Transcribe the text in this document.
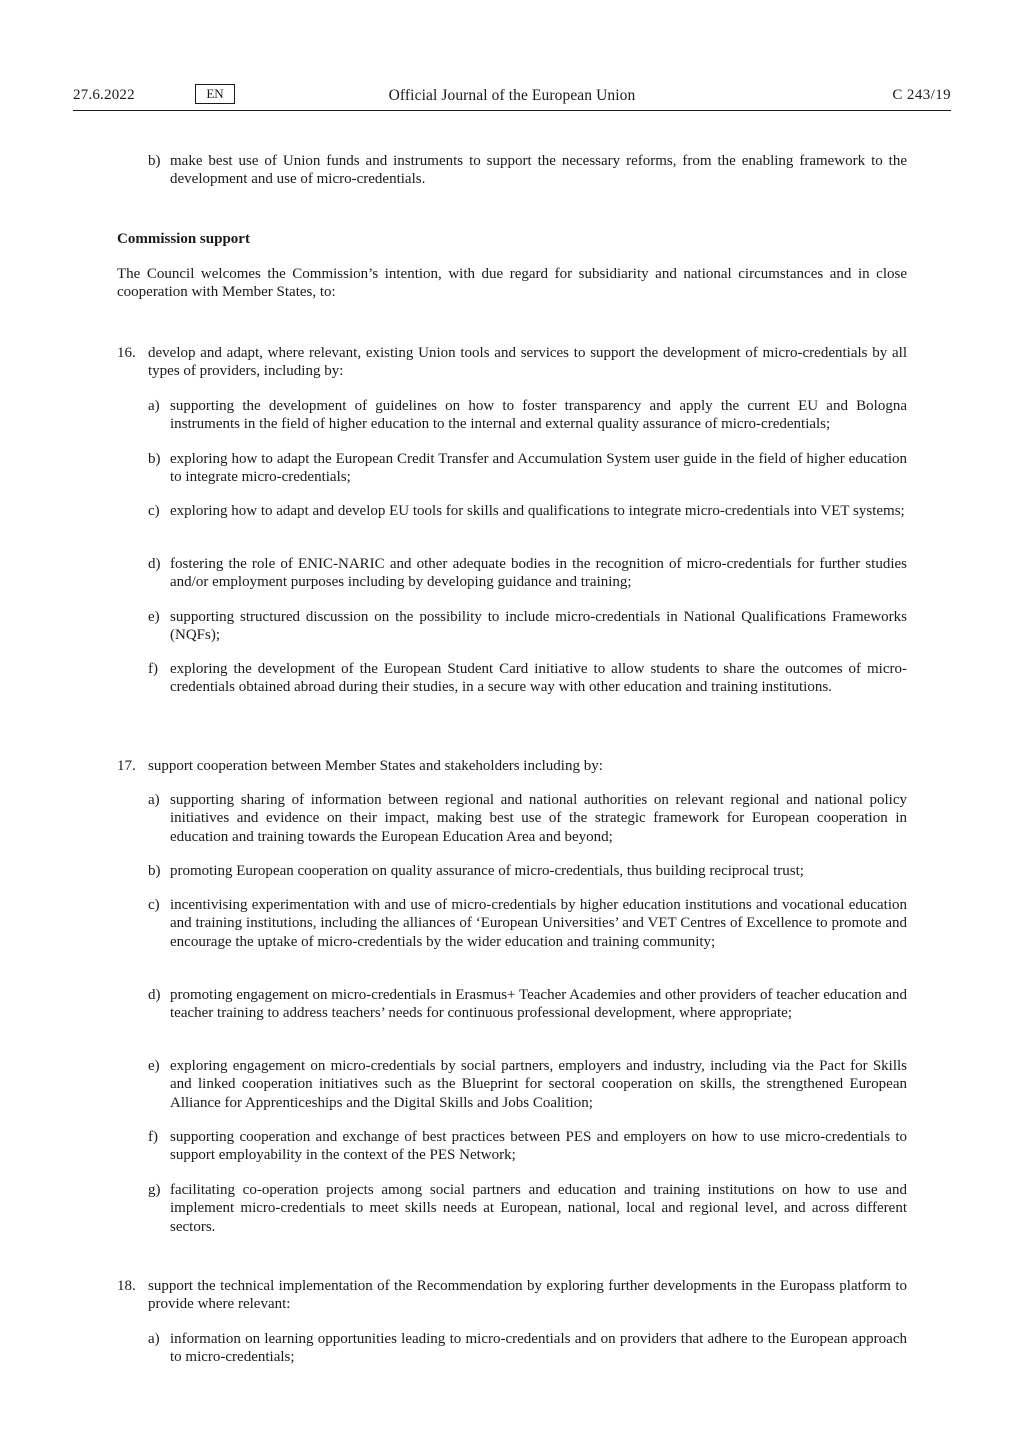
27.6.2022	EN	Official Journal of the European Union	C 243/19
b) make best use of Union funds and instruments to support the necessary reforms, from the enabling framework to the development and use of micro-credentials.
Commission support
The Council welcomes the Commission’s intention, with due regard for subsidiarity and national circumstances and in close cooperation with Member States, to:
16. develop and adapt, where relevant, existing Union tools and services to support the development of micro-credentials by all types of providers, including by:
a) supporting the development of guidelines on how to foster transparency and apply the current EU and Bologna instruments in the field of higher education to the internal and external quality assurance of micro-credentials;
b) exploring how to adapt the European Credit Transfer and Accumulation System user guide in the field of higher education to integrate micro-credentials;
c) exploring how to adapt and develop EU tools for skills and qualifications to integrate micro-credentials into VET systems;
d) fostering the role of ENIC-NARIC and other adequate bodies in the recognition of micro-credentials for further studies and/or employment purposes including by developing guidance and training;
e) supporting structured discussion on the possibility to include micro-credentials in National Qualifications Frameworks (NQFs);
f) exploring the development of the European Student Card initiative to allow students to share the outcomes of micro-credentials obtained abroad during their studies, in a secure way with other education and training institutions.
17. support cooperation between Member States and stakeholders including by:
a) supporting sharing of information between regional and national authorities on relevant regional and national policy initiatives and evidence on their impact, making best use of the strategic framework for European cooperation in education and training towards the European Education Area and beyond;
b) promoting European cooperation on quality assurance of micro-credentials, thus building reciprocal trust;
c) incentivising experimentation with and use of micro-credentials by higher education institutions and vocational education and training institutions, including the alliances of ‘European Universities’ and VET Centres of Excellence to promote and encourage the uptake of micro-credentials by the wider education and training community;
d) promoting engagement on micro-credentials in Erasmus+ Teacher Academies and other providers of teacher education and teacher training to address teachers’ needs for continuous professional development, where appropriate;
e) exploring engagement on micro-credentials by social partners, employers and industry, including via the Pact for Skills and linked cooperation initiatives such as the Blueprint for sectoral cooperation on skills, the strengthened European Alliance for Apprenticeships and the Digital Skills and Jobs Coalition;
f) supporting cooperation and exchange of best practices between PES and employers on how to use micro-credentials to support employability in the context of the PES Network;
g) facilitating co-operation projects among social partners and education and training institutions on how to use and implement micro-credentials to meet skills needs at European, national, local and regional level, and across different sectors.
18. support the technical implementation of the Recommendation by exploring further developments in the Europass platform to provide where relevant:
a) information on learning opportunities leading to micro-credentials and on providers that adhere to the European approach to micro-credentials;
